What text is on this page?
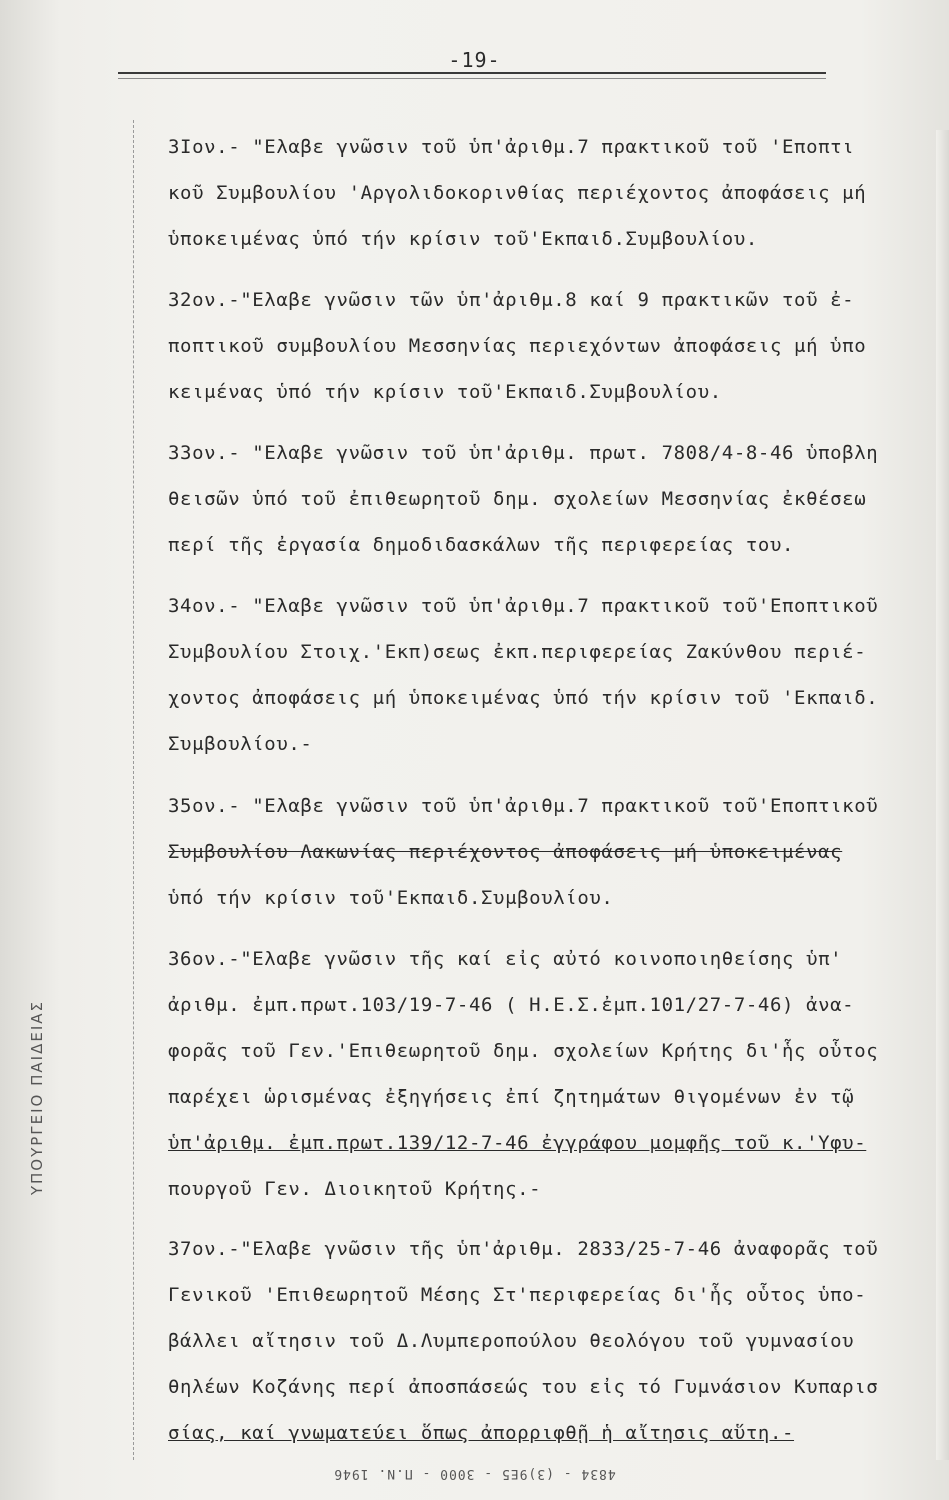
ΥΠΟΥΡΓΕΙΟ ΠΑΙΔΕΙΑΣ
-19-
3Ιον.- "Ελαβε γνῶσιν τοῦ ὑπ'ἀριθμ.7 πρακτικοῦ τοῦ 'Εποπτι
κοῦ Συμβουλίου 'Αργολιδοκορινθίας περιέχοντος ἀποφάσεις μή
ὑποκειμένας ὑπό τήν κρίσιν τοῦ'Εκπαιδ.Συμβουλίου.
32ον.-"Ελαβε γνῶσιν τῶν ὑπ'ἀριθμ.8 καί 9 πρακτικῶν τοῦ ἐ-
ποπτικοῦ συμβουλίου Μεσσηνίας περιεχόντων ἀποφάσεις μή ὑπο
κειμένας ὑπό τήν κρίσιν τοῦ'Εκπαιδ.Συμβουλίου.
33ον.- "Ελαβε γνῶσιν τοῦ ὑπ'ἀριθμ. πρωτ. 7808/4-8-46 ὑποβλη
θεισῶν ὑπό τοῦ ἐπιθεωρητοῦ δημ. σχολείων Μεσσηνίας ἐκθέσεω
περί τῆς ἐργασία δημοδιδασκάλων τῆς περιφερείας του.
34ον.- "Ελαβε γνῶσιν τοῦ ὑπ'ἀριθμ.7 πρακτικοῦ τοῦ'Εποπτικοῦ
Συμβουλίου Στοιχ.'Εκπ)σεως ἐκπ.περιφερείας Ζακύνθου περιέ-
χοντος ἀποφάσεις μή ὑποκειμένας ὑπό τήν κρίσιν τοῦ 'Εκπαιδ.
Συμβουλίου.-
35ον.- "Ελαβε γνῶσιν τοῦ ὑπ'ἀριθμ.7 πρακτικοῦ τοῦ'Εποπτικοῦ
Συμβουλίου Λακωνίας περιέχοντος ἀποφάσεις μή ὑποκειμένας
ὑπό τήν κρίσιν τοῦ'Εκπαιδ.Συμβουλίου.
36ον.-"Ελαβε γνῶσιν τῆς καί εἰς αὐτό κοινοποιηθείσης ὑπ'
ἀριθμ. ἐμπ.πρωτ.103/19-7-46 ( Η.Ε.Σ.ἐμπ.101/27-7-46) ἀνα-
φορᾶς τοῦ Γεν.'Επιθεωρητοῦ δημ. σχολείων Κρήτης δι'ἧς οὗτος
παρέχει ὡρισμένας ἐξηγήσεις ἐπί ζητημάτων θιγομένων ἐν τῷ
ὑπ'ἀριθμ. ἐμπ.πρωτ.139/12-7-46 ἐγγράφου μομφῆς τοῦ κ.'Υφυ-
πουργοῦ Γεν. Διοικητοῦ Κρήτης.-
37ον.-"Ελαβε γνῶσιν τῆς ὑπ'ἀριθμ. 2833/25-7-46 ἀναφορᾶς τοῦ
Γενικοῦ 'Επιθεωρητοῦ Μέσης Στ'περιφερείας δι'ἧς οὗτος ὑπο-
βάλλει αἴτησιν τοῦ Δ.Λυμπεροπούλου θεολόγου τοῦ γυμνασίου
θηλέων Κοζάνης περί ἀποσπάσεώς του εἰς τό Γυμνάσιον Κυπαρισ
σίας, καί γνωματεύει ὅπως ἀπορριφθῇ ἡ αἴτησις αὕτη.-
4834 - (3)9Ε5 - 3000 - Π.Ν. 1946
